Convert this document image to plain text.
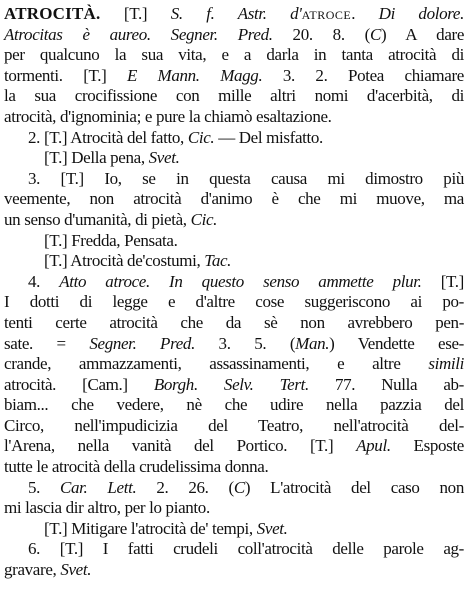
ATROCITÀ. [T.] S. f. Astr. d'ATROCE. Di dolore.
Atrocitas è aureo. Segner. Pred. 20. 8. (C) A dare
per qualcuno la sua vita, e a darla in tanta atrocità di
tormenti. [T.] E Mann. Magg. 3. 2. Potea chiamare
la sua crocifissione con mille altri nomi d'acerbità, di
atrocità, d'ignominia; e pure la chiamò esaltazione.
2. [T.] Atrocità del fatto, Cic. — Del misfatto.
[T.] Della pena, Svet.
3. [T.] Io, se in questa causa mi dimostro più
veemente, non atrocità d'animo è che mi muove, ma
un senso d'umanità, di pietà, Cic.
[T.] Fredda, Pensata.
[T.] Atrocità de'costumi, Tac.
4. Atto atroce. In questo senso ammette plur. [T.]
I dotti di legge e d'altre cose suggeriscono ai po-
tenti certe atrocità che da sè non avrebbero pen-
sate. = Segner. Pred. 3. 5. (Man.) Vendette ese-
crande, ammazzamenti, assassinamenti, e altre simili
atrocità. [Cam.] Borgh. Selv. Tert. 77. Nulla ab-
biam... che vedere, nè che udire nella pazzia del
Circo, nell'impudicizia del Teatro, nell'atrocità del-
l'Arena, nella vanità del Portico. [T.] Apul. Esposte
tutte le atrocità della crudelissima donna.
5. Car. Lett. 2. 26. (C) L'atrocità del caso non
mi lascia dir altro, per lo pianto.
[T.] Mitigare l'atrocità de' tempi, Svet.
6. [T.] I fatti crudeli coll'atrocità delle parole ag-
gravare, Svet.
